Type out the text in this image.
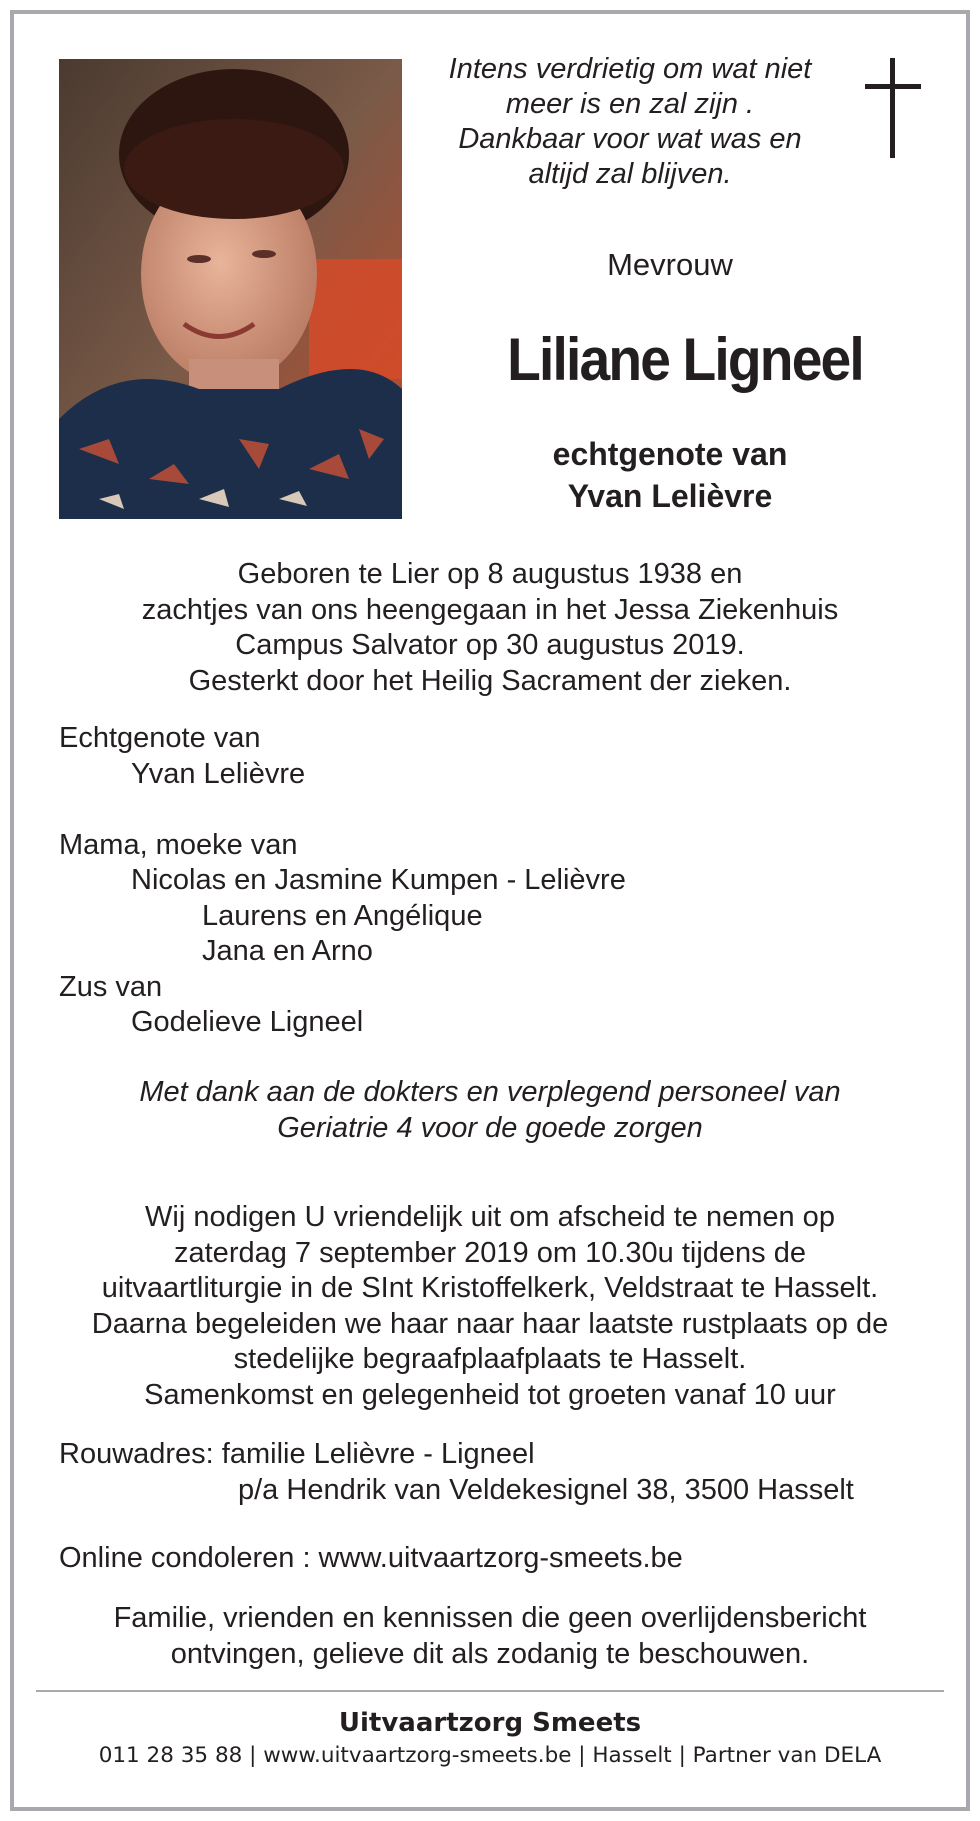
Intens verdrietig om wat niet
meer is en zal zijn .
Dankbaar voor wat was en
altijd zal blijven.
Mevrouw
Liliane Ligneel
echtgenote van
Yvan Lelièvre
Geboren te Lier op 8 augustus 1938 en
zachtjes van ons heengegaan in het Jessa Ziekenhuis
Campus Salvator op 30 augustus 2019.
Gesterkt door het Heilig Sacrament der zieken.
Echtgenote van
Yvan Lelièvre
Mama, moeke van
Nicolas en Jasmine Kumpen - Lelièvre
Laurens en Angélique
Jana en Arno
Zus van
Godelieve Ligneel
Met dank aan de dokters en verplegend personeel van
Geriatrie 4 voor de goede zorgen
Wij nodigen U vriendelijk uit om afscheid te nemen op
zaterdag 7 september 2019 om 10.30u tijdens de
uitvaartliturgie in de SInt Kristoffelkerk, Veldstraat te Hasselt.
Daarna begeleiden we haar naar haar laatste rustplaats op de
stedelijke begraafplaafplaats te Hasselt.
Samenkomst en gelegenheid tot groeten vanaf 10 uur
Rouwadres: familie Lelièvre - Ligneel
p/a Hendrik van Veldekesignel 38, 3500 Hasselt
Online condoleren : www.uitvaartzorg-smeets.be
Familie, vrienden en kennissen die geen overlijdensbericht
ontvingen, gelieve dit als zodanig te beschouwen.
Uitvaartzorg Smeets
011 28 35 88 | www.uitvaartzorg-smeets.be | Hasselt | Partner van DELA
